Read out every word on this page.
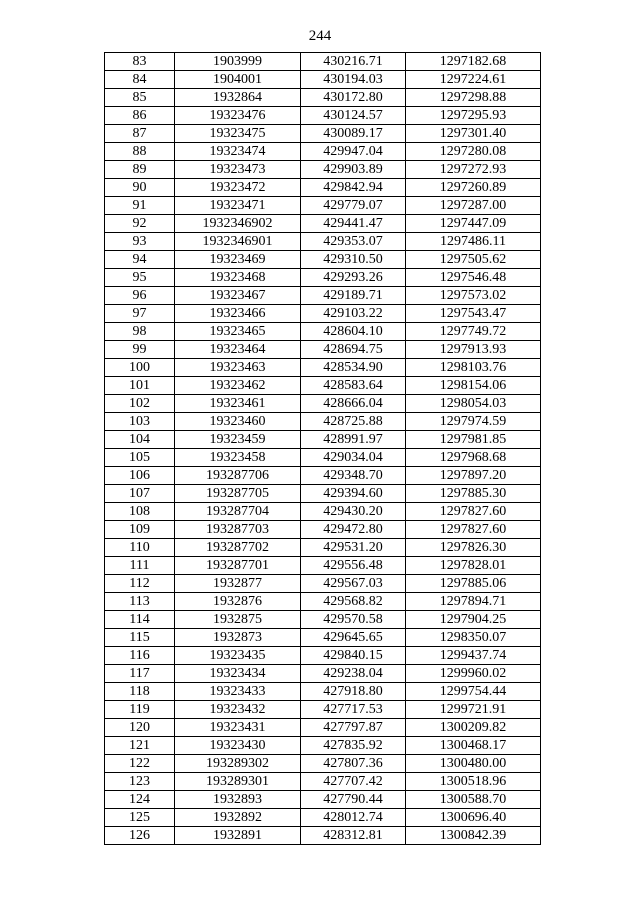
244
83	1903999	430216.71	1297182.68
84	1904001	430194.03	1297224.61
85	1932864	430172.80	1297298.88
86	19323476	430124.57	1297295.93
87	19323475	430089.17	1297301.40
88	19323474	429947.04	1297280.08
89	19323473	429903.89	1297272.93
90	19323472	429842.94	1297260.89
91	19323471	429779.07	1297287.00
92	1932346902	429441.47	1297447.09
93	1932346901	429353.07	1297486.11
94	19323469	429310.50	1297505.62
95	19323468	429293.26	1297546.48
96	19323467	429189.71	1297573.02
97	19323466	429103.22	1297543.47
98	19323465	428604.10	1297749.72
99	19323464	428694.75	1297913.93
100	19323463	428534.90	1298103.76
101	19323462	428583.64	1298154.06
102	19323461	428666.04	1298054.03
103	19323460	428725.88	1297974.59
104	19323459	428991.97	1297981.85
105	19323458	429034.04	1297968.68
106	193287706	429348.70	1297897.20
107	193287705	429394.60	1297885.30
108	193287704	429430.20	1297827.60
109	193287703	429472.80	1297827.60
110	193287702	429531.20	1297826.30
111	193287701	429556.48	1297828.01
112	1932877	429567.03	1297885.06
113	1932876	429568.82	1297894.71
114	1932875	429570.58	1297904.25
115	1932873	429645.65	1298350.07
116	19323435	429840.15	1299437.74
117	19323434	429238.04	1299960.02
118	19323433	427918.80	1299754.44
119	19323432	427717.53	1299721.91
120	19323431	427797.87	1300209.82
121	19323430	427835.92	1300468.17
122	193289302	427807.36	1300480.00
123	193289301	427707.42	1300518.96
124	1932893	427790.44	1300588.70
125	1932892	428012.74	1300696.40
126	1932891	428312.81	1300842.39
